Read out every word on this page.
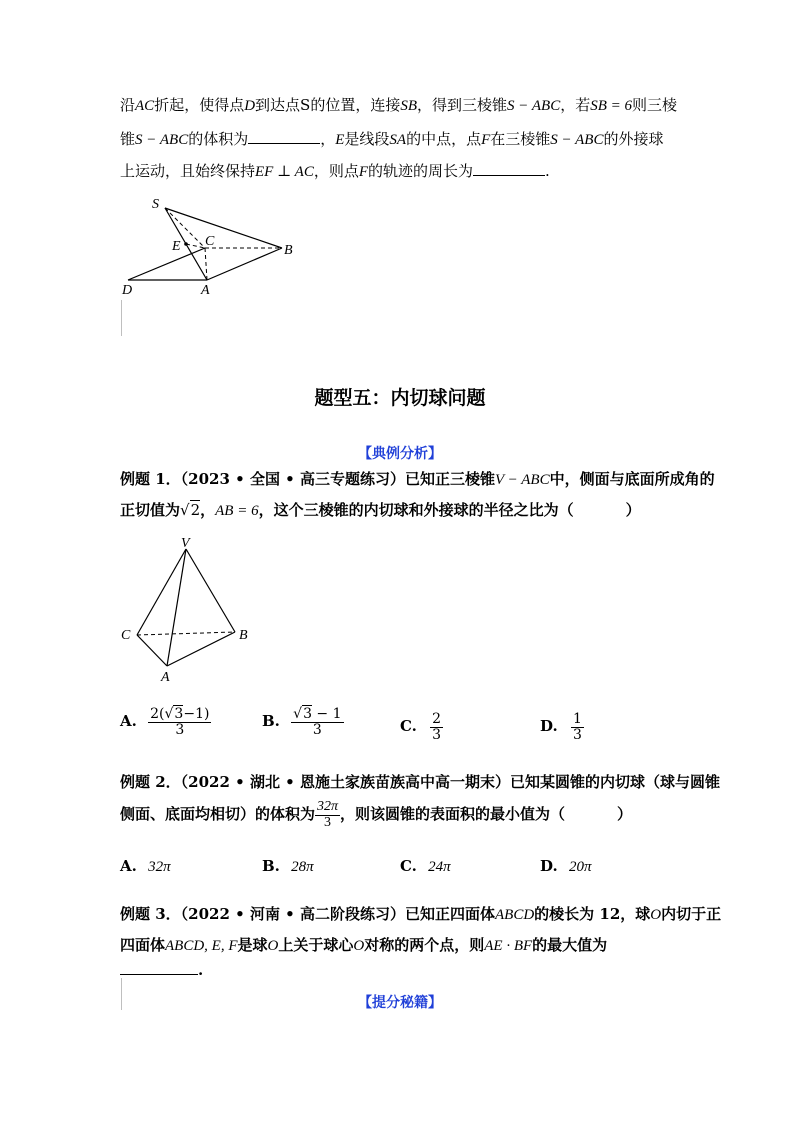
沿AC折起，使得点D到达点S的位置，连接SB，得到三棱锥S − ABC，若SB = 6则三棱
锥S − ABC的体积为	，E是线段SA的中点，点F在三棱锥S − ABC的外接球
上运动，且始终保持EF ⊥ AC，则点F的轨迹的周长为	.
S
C
E	B
D	A
题型五：内切球问题
【典例分析】
例题 1．（2023 • 全国 • 高三专题练习）已知正三棱锥V − ABC中，侧面与底面所成角的
正切值为√2，AB = 6，这个三棱锥的内切球和外接球的半径之比为（	）
V
C	B
A
A. $\frac{2(√3-1)}{3}$	B. $\frac{√3 - 1}{3}$	C. $\frac{2}{3}$	D. $\frac{1}{3}$
例题 2．（2022 • 湖北 • 恩施土家族苗族高中高一期末）已知某圆锥的内切球（球与圆锥
侧面、底面均相切）的体积为 $\frac{32\pi}{3}$ ，则该圆锥的表面积的最小值为（	）
A. 32π	B. 28π	C. 24π	D. 20π
例题 3．（2022 • 河南 • 高二阶段练习）已知正四面体ABCD的棱长为 12，球O内切于正
四面体ABCD, E, F是球O上关于球心O对称的两个点，则AE · BF的最大值为
.
【提分秘籍】
